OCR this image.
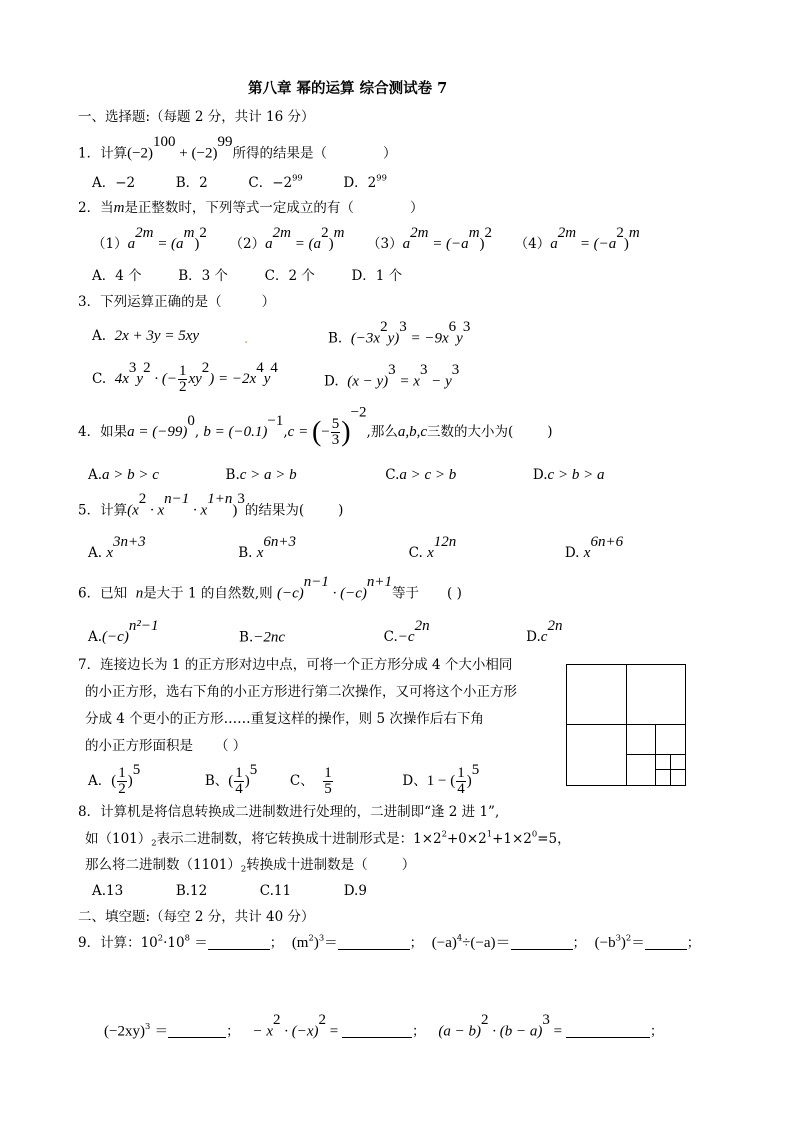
第八章 幂的运算 综合测试卷 7
一、选择题:（每题 2 分，共计 16 分）
1．计算$(-2)^{100} + (-2)^{99}$所得的结果是（	）
A．−2	B．2	C．$-2^{99}$	D．$2^{99}$
2．当m是正整数时，下列等式一定成立的有（	）
$(1)a^{2m} = (a^m)^2$  $(2)a^{2m} = (a^2)^m$  $(3)a^{2m} = (-a^m)^2$  $(4)a^{2m} = (-a^2)^m$
A．4 个	B．3 个	C．2 个	D．1 个
3．下列运算正确的是（	）
A. 2x + 3y = 5xy	.	B. $(-3x^2y)^3 = -9x^6y^3$
C. $4x^3y^2$ · (− $\frac{1}{2} xy^2) = -2x^4y^4$
D. $(x - y)^3 = x^3 - y^3$
4．如果$a = (-99)^0$, $b = (-0.1)^{-1},c$ = (− $\frac{5}{3} )^{-2}$,那么a,b,c三数的大小为(	)
A.a > b > c	B.c > a > b	C.a > c > b	D.c > b > a
5．计算$(x^2 \cdot x^{n-1} \cdot x^{1+n})^3$的结果为(	)
A. $x^{3n+3}$  B. $x^{6n+3}$  C. $x^{12n}$  D. $x^{6n+6}$
6．已知 n是大于 1 的自然数,则 $(-c)^{n-1} \cdot (-c)^{n+1}$等于 ( )
$A.(-c)^{n^2-1}$  B.−2nc	$C.-c^{2n}$  $D.c^{2n}$
7．连接边长为 1 的正方形对边中点，可将一个正方形分成 4 个大小相同
的小正方形，选右下角的小正方形进行第二次操作，又可将这个小正方形
分成 4 个更小的正方形……重复这样的操作，则 5 次操作后右下角
的小正方形面积是 （ ）
A．( $\frac{1}{2} )^5$  B、( $\frac{1}{4} )^5$  C、 $\frac{1}{5}$	D、1 − ( $\frac{1}{4} )^5$
8．计算机是将信息转换成二进制数进行处理的，二进制即“逢 2 进 1”,
如$(101)_2$表示二进制数，将它转换成十进制形式是：$1\times 2^2+0\times 2^1+1\times 2^0=5$，
那么将二进制数$(1101)_2$转换成十进制数是（	）
A.13	B.12	C.11	D.9
二、填空题:（每空 2 分，共计 40 分）
9．计算：$10^2\cdot 10^8$ ＝	； $(m^2)^3=$	； $(-a)^4\div(-a)=$	； $(-b^3)^2=$	；
$(-2xy)^3$ ＝	； − $x^2 \cdot (-x)^2$ =	； $(a - b)^2 \cdot (b - a)^3$ =	；
